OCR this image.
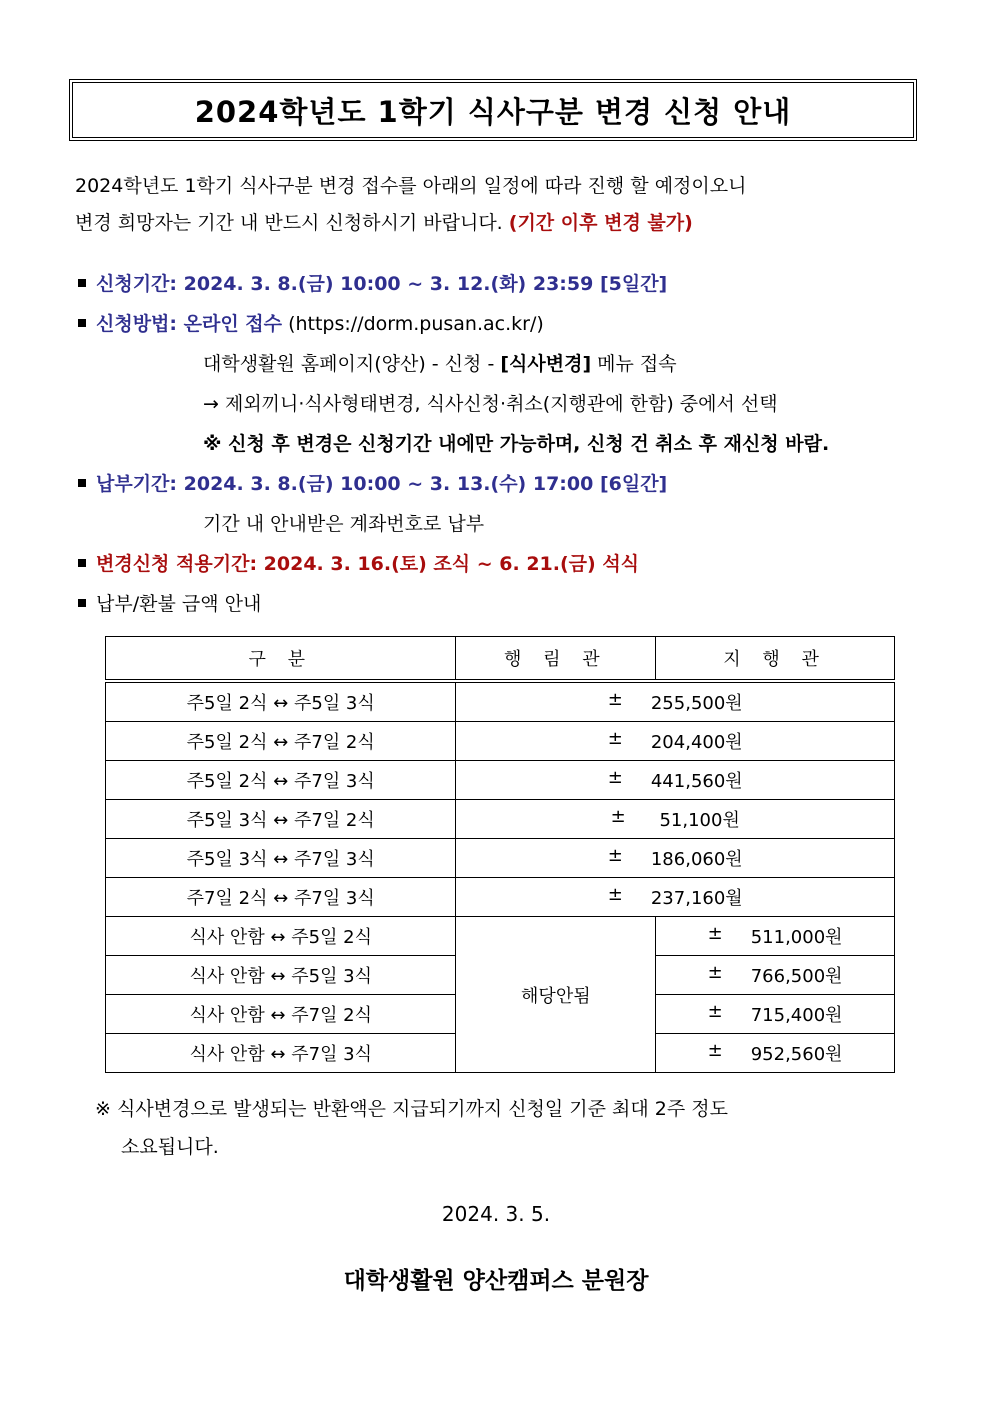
2024학년도 1학기 식사구분 변경 신청 안내
2024학년도 1학기 식사구분 변경 접수를 아래의 일정에 따라 진행 할 예정이오니
변경 희망자는 기간 내 반드시 신청하시기 바랍니다. (기간 이후 변경 불가)
신청기간: 2024. 3. 8.(금) 10:00 ~ 3. 12.(화) 23:59 [5일간]
신청방법: 온라인 접수 (https://dorm.pusan.ac.kr/)
대학생활원 홈페이지(양산) - 신청 - [식사변경] 메뉴 접속
→ 제외끼니·식사형태변경, 식사신청·취소(지행관에 한함) 중에서 선택
※ 신청 후 변경은 신청기간 내에만 가능하며, 신청 건 취소 후 재신청 바람.
납부기간: 2024. 3. 8.(금) 10:00 ~ 3. 13.(수) 17:00 [6일간]
기간 내 안내받은 계좌번호로 납부
변경신청 적용기간: 2024. 3. 16.(토) 조식 ~ 6. 21.(금) 석식
납부/환불 금액 안내
구 분	행 림 관	지 행 관
주5일 2식 ↔ 주5일 3식	± 255,500원	

주5일 2식 ↔ 주7일 2식	± 204,400원	

주5일 2식 ↔ 주7일 3식	± 441,560원	

주5일 3식 ↔ 주7일 2식	± 51,100원	

주5일 3식 ↔ 주7일 3식	± 186,060원	

주7일 2식 ↔ 주7일 3식	± 237,160월	

식사 안함 ↔ 주5일 2식	해당안됨	± 511,000원

식사 안함 ↔ 주5일 3식		± 766,500원

식사 안함 ↔ 주7일 2식		± 715,400원

식사 안함 ↔ 주7일 3식		± 952,560원
※ 식사변경으로 발생되는 반환액은 지급되기까지 신청일 기준 최대 2주 정도
소요됩니다.
2024. 3. 5.
대학생활원 양산캠퍼스 분원장
